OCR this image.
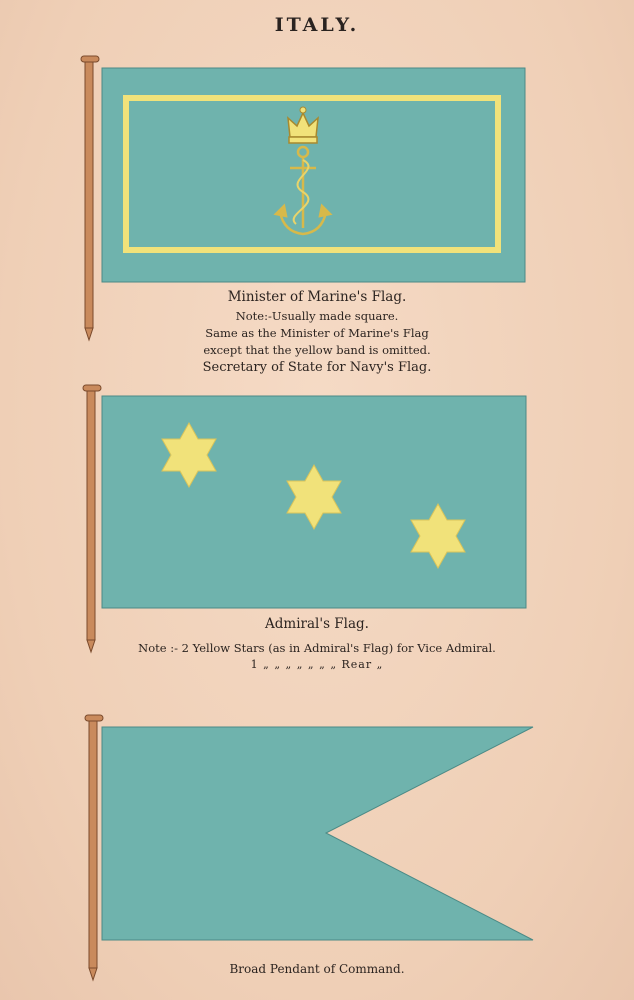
ITALY.
Minister of Marine's Flag.
Note:-Usually made square.
Same as the Minister of Marine's Flag
except that the yellow band is omitted.
Secretary of State for Navy's Flag.
Admiral's Flag.
Note :- 2 Yellow Stars (as in Admiral's Flag) for Vice Admiral.
1 „ „ „ „ „ „ „ Rear „
Broad Pendant of Command.
